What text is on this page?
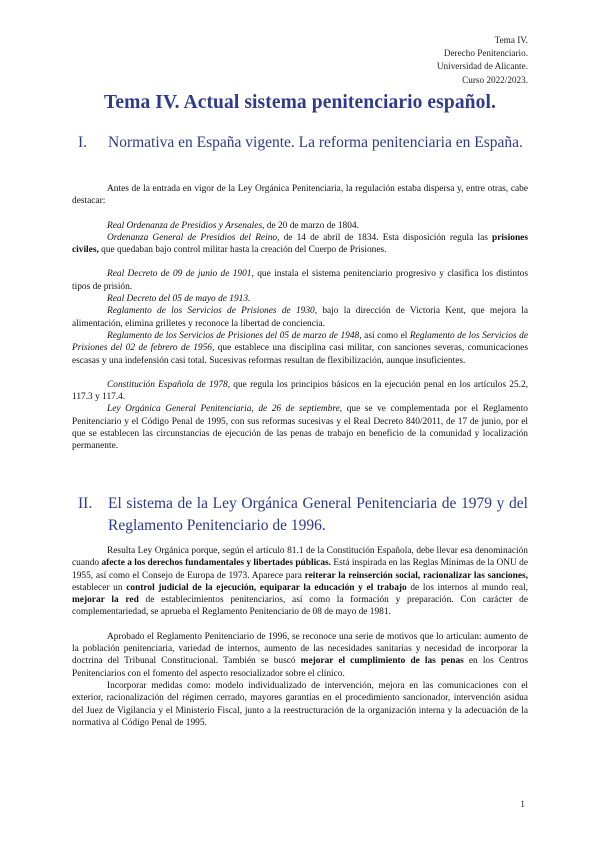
Tema IV.
Derecho Penitenciario.
Universidad de Alicante.
Curso 2022/2023.
Tema IV. Actual sistema penitenciario español.
I. Normativa en España vigente. La reforma penitenciaria en España.

Antes de la entrada en vigor de la Ley Orgánica Penitenciaria, la regulación estaba dispersa y, entre otras, cabe destacar:

Real Ordenanza de Presidios y Arsenales, de 20 de marzo de 1804.

Ordenanza General de Presidios del Reino, de 14 de abril de 1834. Esta disposición regula las prisiones civiles, que quedaban bajo control militar hasta la creación del Cuerpo de Prisiones.

Real Decreto de 09 de junio de 1901, que instala el sistema penitenciario progresivo y clasifica los distintos tipos de prisión.

Real Decreto del 05 de mayo de 1913.

Reglamento de los Servicios de Prisiones de 1930, bajo la dirección de Victoria Kent, que mejora la alimentación, elimina grilletes y reconoce la libertad de conciencia.

Reglamento de los Servicios de Prisiones del 05 de marzo de 1948, así como el Reglamento de los Servicios de Prisiones del 02 de febrero de 1956, que establece una disciplina casi militar, con sanciones severas, comunicaciones escasas y una indefensión casi total. Sucesivas reformas resultan de flexibilización, aunque insuficientes.

Constitución Española de 1978, que regula los principios básicos en la ejecución penal en los artículos 25.2, 117.3 y 117.4.

Ley Orgánica General Penitenciaria, de 26 de septiembre, que se ve complementada por el Reglamento Penitenciario y el Código Penal de 1995, con sus reformas sucesivas y el Real Decreto 840/2011, de 17 de junio, por el que se establecen las circunstancias de ejecución de las penas de trabajo en beneficio de la comunidad y localización permanente.

II. El sistema de la Ley Orgánica General Penitenciaria de 1979 y del Reglamento Penitenciario de 1996.

Resulta Ley Orgánica porque, según el artículo 81.1 de la Constitución Española, debe llevar esa denominación cuando afecte a los derechos fundamentales y libertades públicas. Está inspirada en las Reglas Mínimas de la ONU de 1955, así como el Consejo de Europa de 1973. Aparece para reiterar la reinserción social, racionalizar las sanciones, establecer un control judicial de la ejecución, equiparar la educación y el trabajo de los internos al mundo real, mejorar la red de establecimientos penitenciarios, así como la formación y preparación. Con carácter de complementariedad, se aprueba el Reglamento Penitenciario de 08 de mayo de 1981.

Aprobado el Reglamento Penitenciario de 1996, se reconoce una serie de motivos que lo articulan: aumento de la población penitenciaria, variedad de internos, aumento de las necesidades sanitarias y necesidad de incorporar la doctrina del Tribunal Constitucional. También se buscó mejorar el cumplimiento de las penas en los Centros Penitenciarios con el fomento del aspecto resocializador sobre el clínico.

Incorporar medidas como: modelo individualizado de intervención, mejora en las comunicaciones con el exterior, racionalización del régimen cerrado, mayores garantías en el procedimiento sancionador, intervención asidua del Juez de Vigilancia y el Ministerio Fiscal, junto a la reestructuración de la organización interna y la adecuación de la normativa al Código Penal de 1995.

1
